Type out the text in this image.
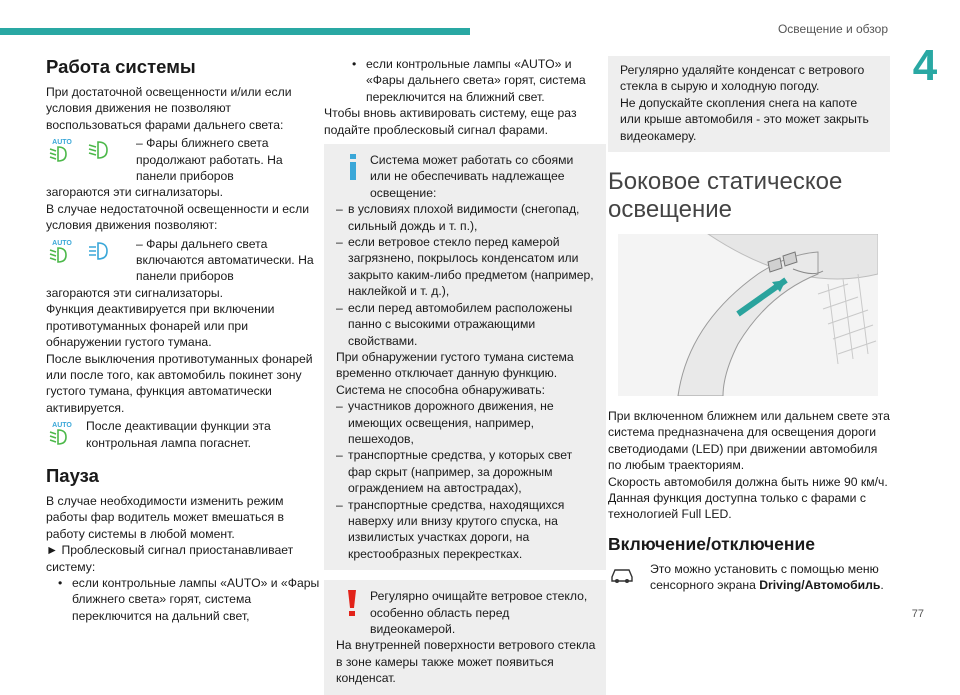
Освещение и обзор
4
77
Работа системы

При достаточной освещенности и/или если условия движения не позволяют воспользоваться фарами дальнего света:

AUTO	– Фары ближнего света продолжают работать. На панели приборов

загораются эти сигнализаторы.

В случае недостаточной освещенности и если условия движения позволяют:

AUTO	– Фары дальнего света включаются автоматически. На панели приборов

загораются эти сигнализаторы.

Функция деактивируется при включении противотуманных фонарей или при обнаружении густого тумана.

После выключения противотуманных фонарей или после того, как автомобиль покинет зону густого тумана, функция автоматически активируется.

AUTO После деактивации функции эта контрольная лампа погаснет.
Пауза

В случае необходимости изменить режим работы фар водитель может вмешаться в работу системы в любой момент.

► Проблесковый сигнал приостанавливает систему:

• если контрольные лампы «AUTO» и «Фары ближнего света» горят, система переключится на дальний свет,
• если контрольные лампы «AUTO» и «Фары дальнего света» горят, система переключится на ближний свет.

Чтобы вновь активировать систему, еще раз подайте проблесковый сигнал фарами.

Система может работать со сбоями или не обеспечивать надлежащее освещение:
– в условиях плохой видимости (снегопад, сильный дождь и т. п.),
– если ветровое стекло перед камерой загрязнено, покрылось конденсатом или закрыто каким-либо предметом (например, наклейкой и т. д.),
– если перед автомобилем расположены панно с высокими отражающими свойствами.

При обнаружении густого тумана система временно отключает данную функцию.

Система не способна обнаруживать:

– участников дорожного движения, не имеющих освещения, например, пешеходов,
– транспортные средства, у которых свет фар скрыт (например, за дорожным ограждением на автострадах),
– транспортные средства, находящихся наверху или внизу крутого спуска, на извилистых участках дороги, на крестообразных перекрестках.
Регулярно очищайте ветровое стекло, особенно область перед видеокамерой.

На внутренней поверхности ветрового стекла в зоне камеры также может появиться конденсат.

Регулярно удаляйте конденсат с ветрового стекла в сырую и холодную погоду.

Не допускайте скопления снега на капоте или крыше автомобиля - это может закрыть видеокамеру.

Боковое статическое освещение

При включенном ближнем или дальнем свете эта система предназначена для освещения дороги светодиодами (LED) при движении автомобиля по любым траекториям.

Скорость автомобиля должна быть ниже 90 км/ч.

Данная функция доступна только с фарами с технологией Full LED.

Включение/отключение
Это можно установить с помощью меню сенсорного экрана Driving/Автомобиль.
